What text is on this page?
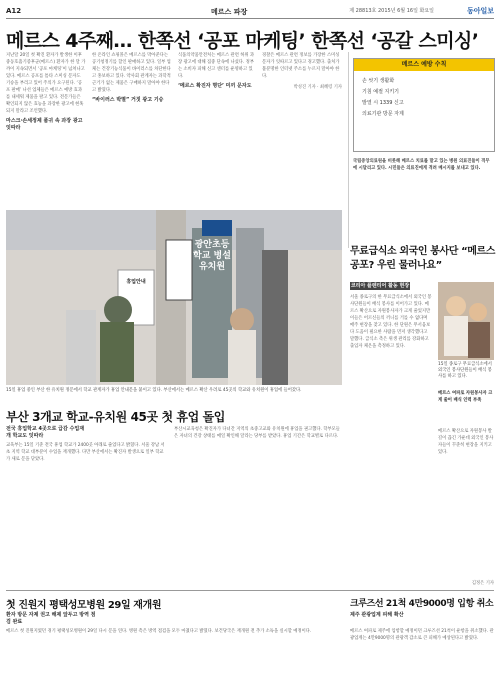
A12	메르스 파장	제 28813호 2015년 6월 16일 화요일	동아일보
메르스 4주째… 한쪽선 ‘공포 마케팅’ 한쪽선 ‘공갈 스미싱’
지난달 20일 첫 확진 환자가 발생한 이후 중동호흡기증후군(메르스) 환자가 한 달 가까이 지속되면서 ‘공포 마케팅’이 넘쳐나고 있다. 메르스 공포를 틈타 스미싱 문자도 기승을 부리고 있어 주의가 요구된다. ‘공포 판매’ 나선 업체들은 메르스 예방 효과를 내세워 제품을 팔고 있다. 전문가들은 확인되지 않은 효능을 과장한 광고에 현혹되지 말라고 조언했다.
마스크·손세정제 품귀 속 과장 광고 잇따라
한 온라인 쇼핑몰은 메르스를 막아준다는 공기청정기를 할인 판매하고 있다. 일부 업체는 건강기능식품이 바이러스를 차단한다고 홍보하고 있다. 약사회 관계자는 과학적 근거가 없는 제품은 구매하지 말아야 한다고 밝혔다.
“바이러스 박멸” 거짓 광고 기승
식품의약품안전처는 메르스 관련 허위 과장 광고에 대해 집중 단속에 나섰다. 정부는 소비자 피해 신고 센터를 운영하고 있다.
‘메르스 확진자 명단’ 미끼 문자도
경찰은 메르스 관련 정보를 가장한 스미싱 문자가 잇따르고 있다고 경고했다. 출처가 불분명한 인터넷 주소를 누르지 말아야 한다.
박성진 기자 · 최혜령 기자
메르스 예방 수칙
손 씻기 생활화
기침 예절 지키기
발열 시 1339 신고
의료기관 방문 자제
국립중앙의료원을 비롯해 메르스 치료를 맡고 있는 병원 의료진들이 격무에 시달리고 있다. 시민들은 의료진에게 격려 메시지를 보내고 있다.
휴업안내
광안초등학교 병설유치원
15일 휴업 중인 부산 한 유치원 정문에서 학교 관계자가 휴업 안내문을 붙이고 있다. 부산에서는 메르스 확산 우려로 45곳의 학교와 유치원이 휴업에 들어갔다.
부산 3개교 학교-유치원 45곳 첫 휴업 돌입
전국 휴업학교 4곳으로 급감 수업재개 학교도 잇따라
교육부는 15일 기준 전국 휴업 학교가 2400곳 아래로 줄었다고 밝혔다. 서울 강남 서초 지역 학교 대부분이 수업을 재개했다. 다만 부산에서는 확진자 발생으로 일부 학교가 새로 문을 닫았다.
부산시교육청은 확진자가 다녀간 지역의 초중고교와 유치원에 휴업을 권고했다. 학부모들은 자녀의 건강 상태를 매일 확인해 달라는 당부를 받았다. 휴업 기간은 학교별로 다르다.
무료급식소 외국인 봉사단 “메르스 공포? 우린 물러나요”
코리아 플렌티어 활동 현장
서울 종로구의 한 무료급식소에서 외국인 봉사단원들이 배식 봉사를 이어가고 있다. 메르스 확산으로 자원봉사자가 크게 줄었지만 이들은 어르신들의 끼니를 거를 수 없다며 매주 현장을 찾고 있다. 한 단원은 무서움보다 도움이 필요한 사람을 먼저 생각했다고 말했다. 급식소 측은 위생 관리를 강화하고 출입자 체온을 측정하고 있다.
15일 종로구 무료급식소에서 외국인 봉사단원들이 배식 봉사를 하고 있다.
메르스 여파로 자원봉사자 크게 줄어 배식 인력 부족
메르스 확산으로 자원봉사 발길이 끊긴 가운데 외국인 봉사자들이 꾸준히 현장을 지키고 있다.
김정은 기자
첫 진원지 평택성모병원 29일 재개원
환자 방문 자제 권고 해제 앞두고 방역 점검 완료
메르스 첫 진원지였던 경기 평택성모병원이 29일 다시 문을 연다. 병원 측은 방역 점검을 모두 마쳤다고 밝혔다. 보건당국은 재개원 전 추가 소독을 실시할 예정이다.
크루즈선 21척 4만9000명 입항 취소
제주 관광업계 피해 확산
메르스 여파로 제주에 입항할 예정이던 크루즈선 21척이 운항을 취소했다. 관광업계는 4만9000명의 관광객 감소로 큰 피해가 예상된다고 밝혔다.
